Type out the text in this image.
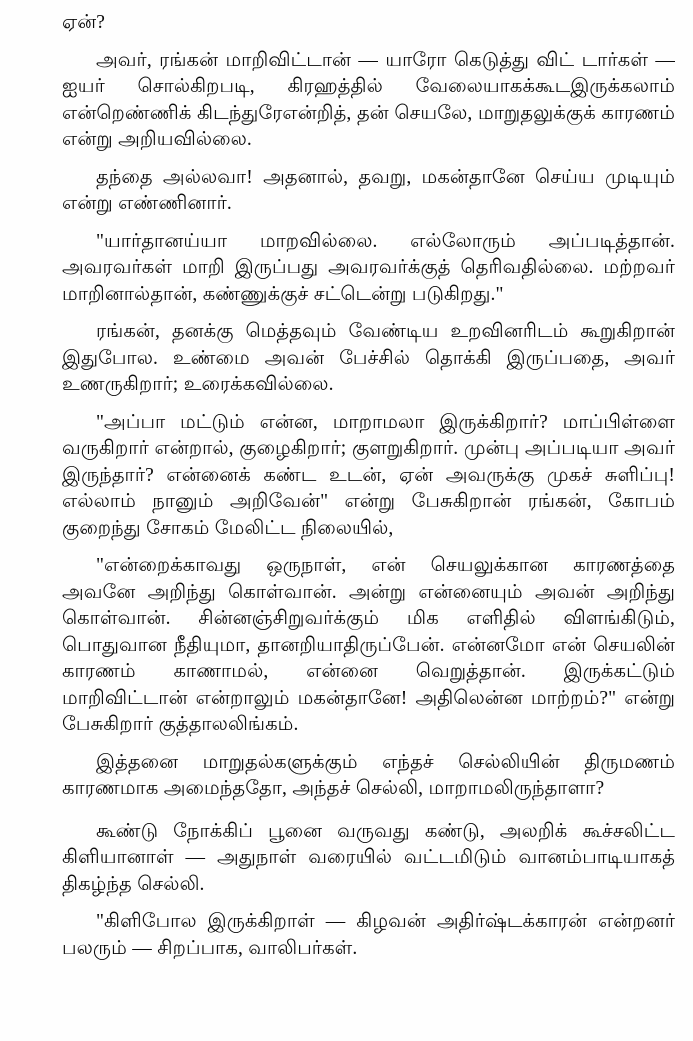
ஏன்?

அவர், ரங்கன் மாறிவிட்டான் — யாரோ கெடுத்து விட் டார்கள் — ஐயர் சொல்கிறபடி, கிரஹத்தில் வேலையாகக்கூடஇருக்கலாம் என்றெண்ணிக் கிடந்துரேஎன்றித், தன் செயலே, மாறுதலுக்குக் காரணம் என்று அறியவில்லை.

தந்தை அல்லவா! அதனால், தவறு, மகன்தானே செய்ய முடியும் என்று எண்ணினார்.

"யார்தானய்யா மாறவில்லை. எல்லோரும் அப்படித்தான். அவரவர்கள் மாறி இருப்பது அவரவர்க்குத் தெரிவதில்லை. மற்றவர் மாறினால்தான், கண்ணுக்குச் சட்டென்று படுகிறது."

ரங்கன், தனக்கு மெத்தவும் வேண்டிய உறவினரிடம் கூறுகிறான் இதுபோல. உண்மை அவன் பேச்சில் தொக்கி இருப்பதை, அவர் உணருகிறார்; உரைக்கவில்லை.

"அப்பா மட்டும் என்ன, மாறாமலா இருக்கிறார்? மாப்பிள்ளை வருகிறார் என்றால், குழைகிறார்; குளறுகிறார். முன்பு அப்படியா அவர் இருந்தார்? என்னைக் கண்ட உடன், ஏன் அவருக்கு முகச் சுளிப்பு! எல்லாம் நானும் அறிவேன்" என்று பேசுகிறான் ரங்கன், கோபம் குறைந்து சோகம் மேலிட்ட நிலையில்,

"என்றைக்காவது ஒருநாள், என் செயலுக்கான காரணத்தை அவனே அறிந்து கொள்வான். அன்று என்னையும் அவன் அறிந்து கொள்வான். சின்னஞ்சிறுவர்க்கும் மிக எளிதில் விளங்கிடும், பொதுவான நீதியுமா, தானறியாதிருப்பேன். என்னமோ என் செயலின் காரணம் காணாமல், என்னை வெறுத்தான். இருக்கட்டும் மாறிவிட்டான் என்றாலும் மகன்தானே! அதிலென்ன மாற்றம்?" என்று பேசுகிறார் குத்தாலலிங்கம்.

இத்தனை மாறுதல்களுக்கும் எந்தச் செல்லியின் திருமணம் காரணமாக அமைந்ததோ, அந்தச் செல்லி, மாறாமலிருந்தாளா?

கூண்டு நோக்கிப் பூனை வருவது கண்டு, அலறிக் கூச்சலிட்ட கிளியானாள் — அதுநாள் வரையில் வட்டமிடும் வானம்பாடியாகத் திகழ்ந்த செல்லி.

"கிளிபோல இருக்கிறாள் — கிழவன் அதிர்ஷ்டக்காரன் என்றனர் பலரும் — சிறப்பாக, வாலிபர்கள்.
